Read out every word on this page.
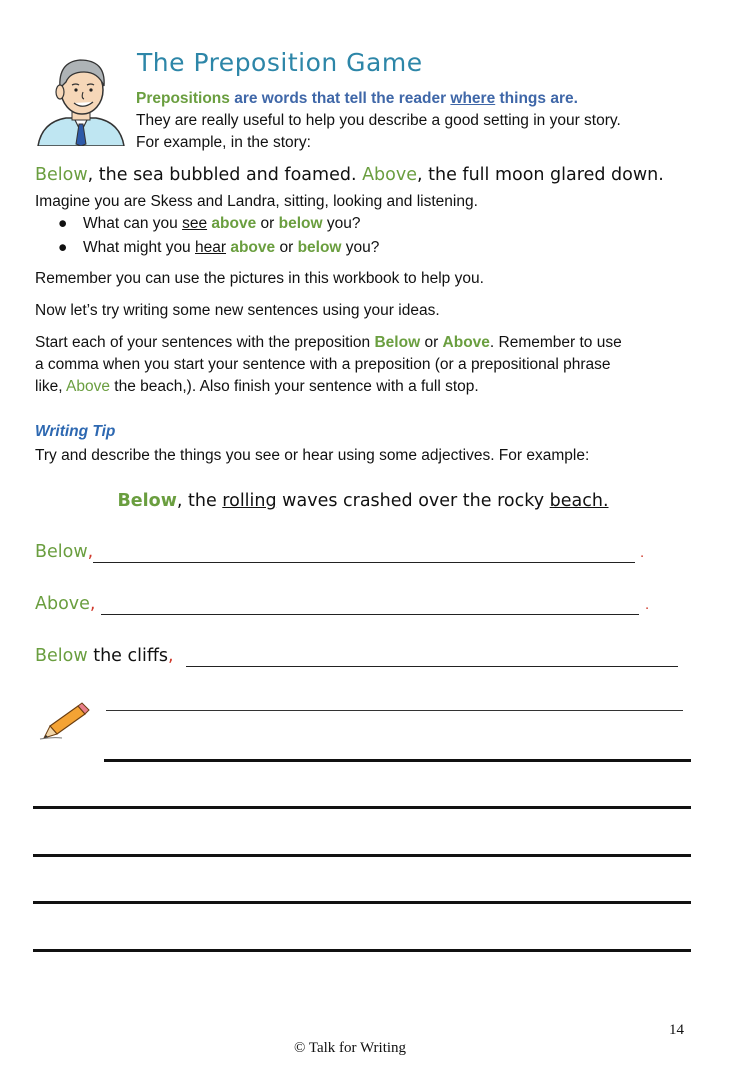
The Preposition Game
Prepositions are words that tell the reader where things are.
They are really useful to help you describe a good setting in your story.
For example, in the story:
Below, the sea bubbled and foamed. Above, the full moon glared down.
Imagine you are Skess and Landra, sitting, looking and listening.
● What can you see above or below you?
● What might you hear above or below you?
Remember you can use the pictures in this workbook to help you.
Now let’s try writing some new sentences using your ideas.
Start each of your sentences with the preposition Below or Above. Remember to use
a comma when you start your sentence with a preposition (or a prepositional phrase
like, Above the beach,). Also finish your sentence with a full stop.
Writing Tip
Try and describe the things you see or hear using some adjectives. For example:
Below, the rolling waves crashed over the rocky beach.
Below,	.
Above,	.
Below the cliffs,
14
© Talk for Writing
